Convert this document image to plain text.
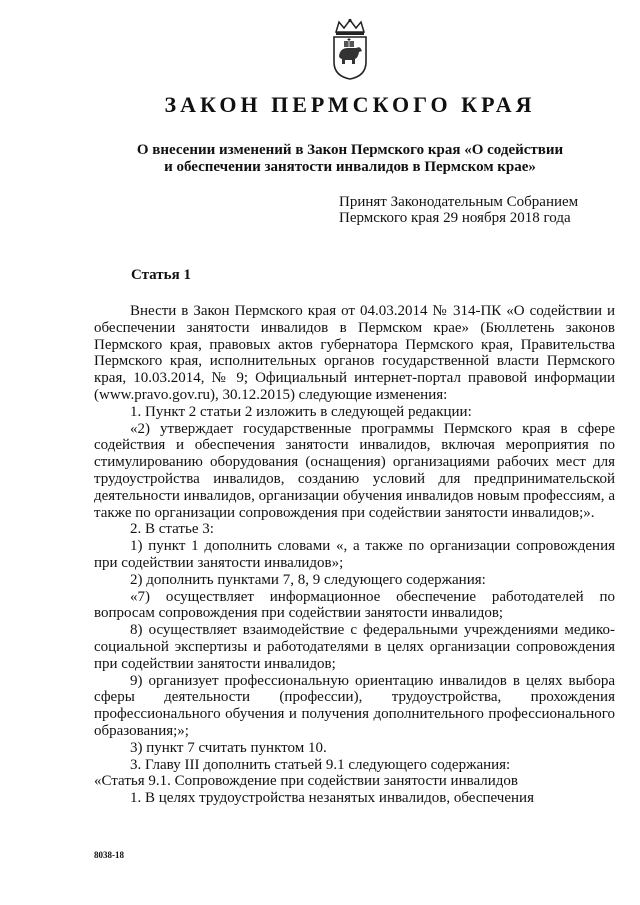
ЗАКОН ПЕРМСКОГО КРАЯ
О внесении изменений в Закон Пермского края «О содействии
и обеспечении занятости инвалидов в Пермском крае»
Принят Законодательным Собранием
Пермского края 29 ноября 2018 года
Статья 1

Внести в Закон Пермского края от 04.03.2014 № 314-ПК «О содействии и обеспечении занятости инвалидов в Пермском крае» (Бюллетень законов Пермского края, правовых актов губернатора Пермского края, Правительства Пермского края, исполнительных органов государственной власти Пермского края, 10.03.2014, № 9; Официальный интернет-портал правовой информации (www.pravo.gov.ru), 30.12.2015) следующие изменения:

1. Пункт 2 статьи 2 изложить в следующей редакции:

«2) утверждает государственные программы Пермского края в сфере содействия и обеспечения занятости инвалидов, включая мероприятия по стимулированию оборудования (оснащения) организациями рабочих мест для трудоустройства инвалидов, созданию условий для предпринимательской деятельности инвалидов, организации обучения инвалидов новым профессиям, а также по организации сопровождения при содействии занятости инвалидов;».

2. В статье 3:

1) пункт 1 дополнить словами «, а также по организации сопровождения при содействии занятости инвалидов»;

2) дополнить пунктами 7, 8, 9 следующего содержания:

«7) осуществляет информационное обеспечение работодателей по вопросам сопровождения при содействии занятости инвалидов;

8) осуществляет взаимодействие с федеральными учреждениями медико-социальной экспертизы и работодателями в целях организации сопровождения при содействии занятости инвалидов;

9) организует профессиональную ориентацию инвалидов в целях выбора сферы деятельности (профессии), трудоустройства, прохождения профессионального обучения и получения дополнительного профессионального образования;»;

3) пункт 7 считать пунктом 10.

3. Главу III дополнить статьей 9.1 следующего содержания:

«Статья 9.1. Сопровождение при содействии занятости инвалидов

1. В целях трудоустройства незанятых инвалидов, обеспечения

8038-18
